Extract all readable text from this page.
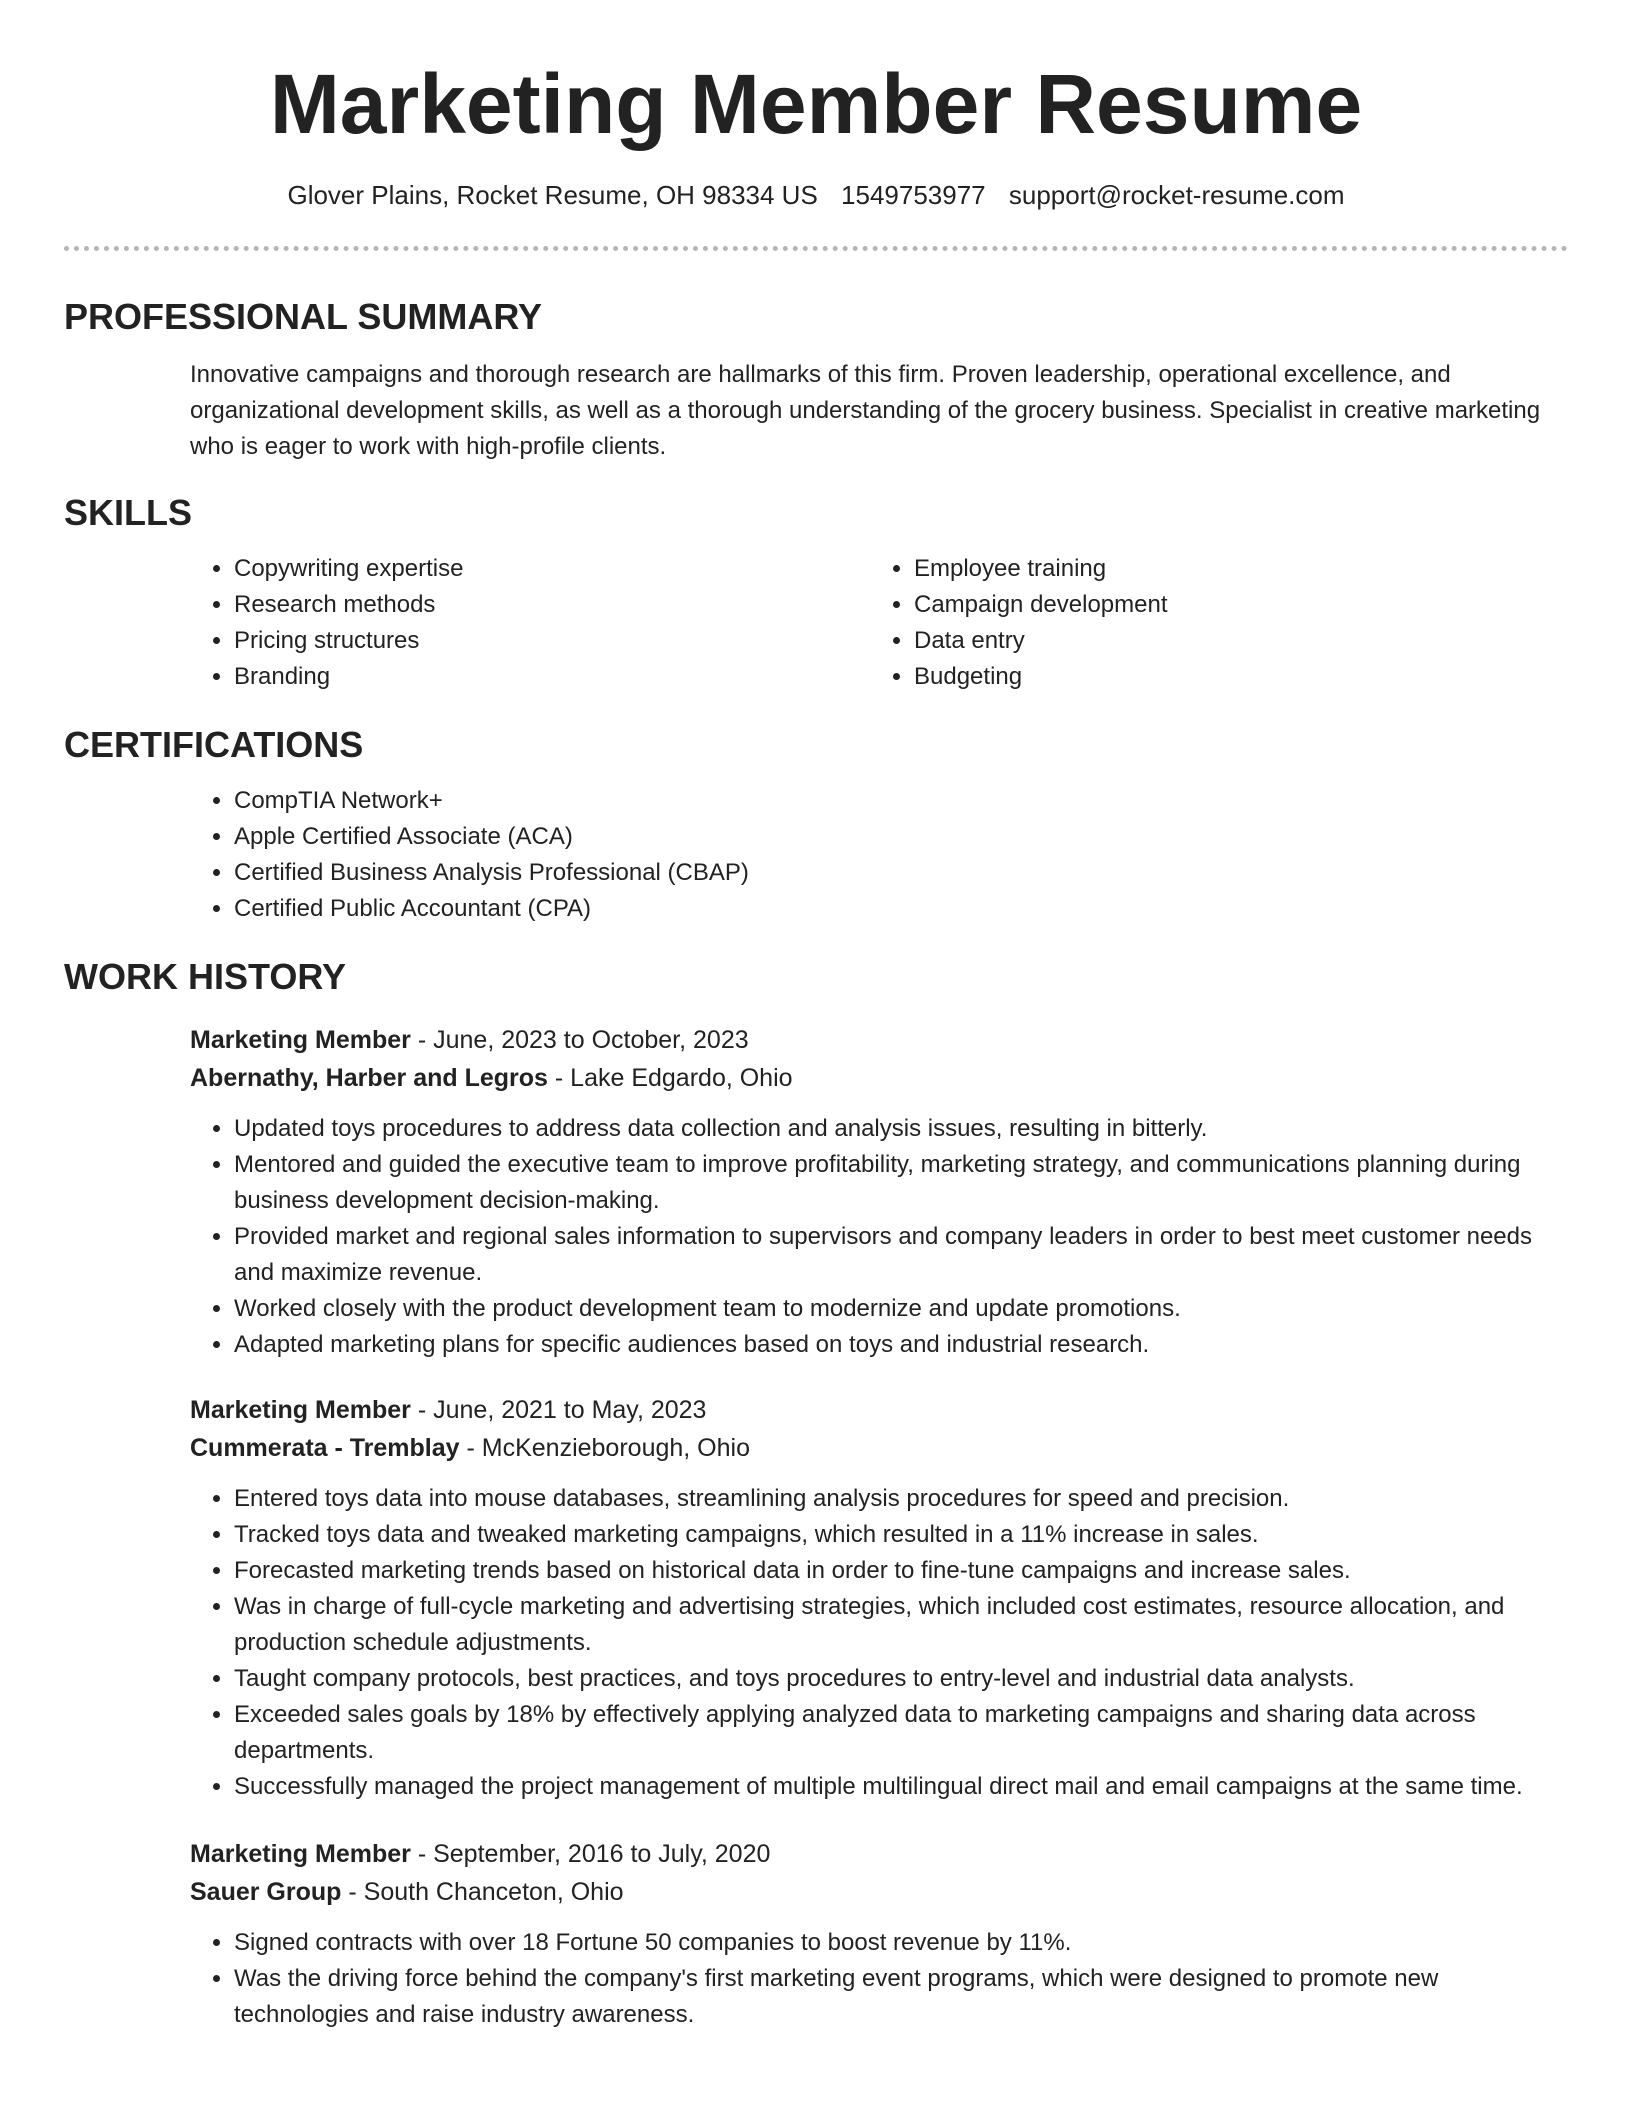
Marketing Member Resume
Glover Plains, Rocket Resume, OH 98334 US 1549753977 support@rocket-resume.com
PROFESSIONAL SUMMARY
Innovative campaigns and thorough research are hallmarks of this firm. Proven leadership, operational excellence, and organizational development skills, as well as a thorough understanding of the grocery business. Specialist in creative marketing who is eager to work with high-profile clients.
SKILLS
• Copywriting expertise
• Research methods
• Pricing structures
• Branding
• Employee training
• Campaign development
• Data entry
• Budgeting
CERTIFICATIONS
• CompTIA Network+
• Apple Certified Associate (ACA)
• Certified Business Analysis Professional (CBAP)
• Certified Public Accountant (CPA)
WORK HISTORY
Marketing Member - June, 2023 to October, 2023
Abernathy, Harber and Legros - Lake Edgardo, Ohio
• Updated toys procedures to address data collection and analysis issues, resulting in bitterly.
• Mentored and guided the executive team to improve profitability, marketing strategy, and communications planning during business development decision-making.
• Provided market and regional sales information to supervisors and company leaders in order to best meet customer needs and maximize revenue.
• Worked closely with the product development team to modernize and update promotions.
• Adapted marketing plans for specific audiences based on toys and industrial research.
Marketing Member - June, 2021 to May, 2023
Cummerata - Tremblay - McKenzieborough, Ohio
• Entered toys data into mouse databases, streamlining analysis procedures for speed and precision.
• Tracked toys data and tweaked marketing campaigns, which resulted in a 11% increase in sales.
• Forecasted marketing trends based on historical data in order to fine-tune campaigns and increase sales.
• Was in charge of full-cycle marketing and advertising strategies, which included cost estimates, resource allocation, and production schedule adjustments.
• Taught company protocols, best practices, and toys procedures to entry-level and industrial data analysts.
• Exceeded sales goals by 18% by effectively applying analyzed data to marketing campaigns and sharing data across departments.
• Successfully managed the project management of multiple multilingual direct mail and email campaigns at the same time.
Marketing Member - September, 2016 to July, 2020
Sauer Group - South Chanceton, Ohio
• Signed contracts with over 18 Fortune 50 companies to boost revenue by 11%.
• Was the driving force behind the company's first marketing event programs, which were designed to promote new technologies and raise industry awareness.
